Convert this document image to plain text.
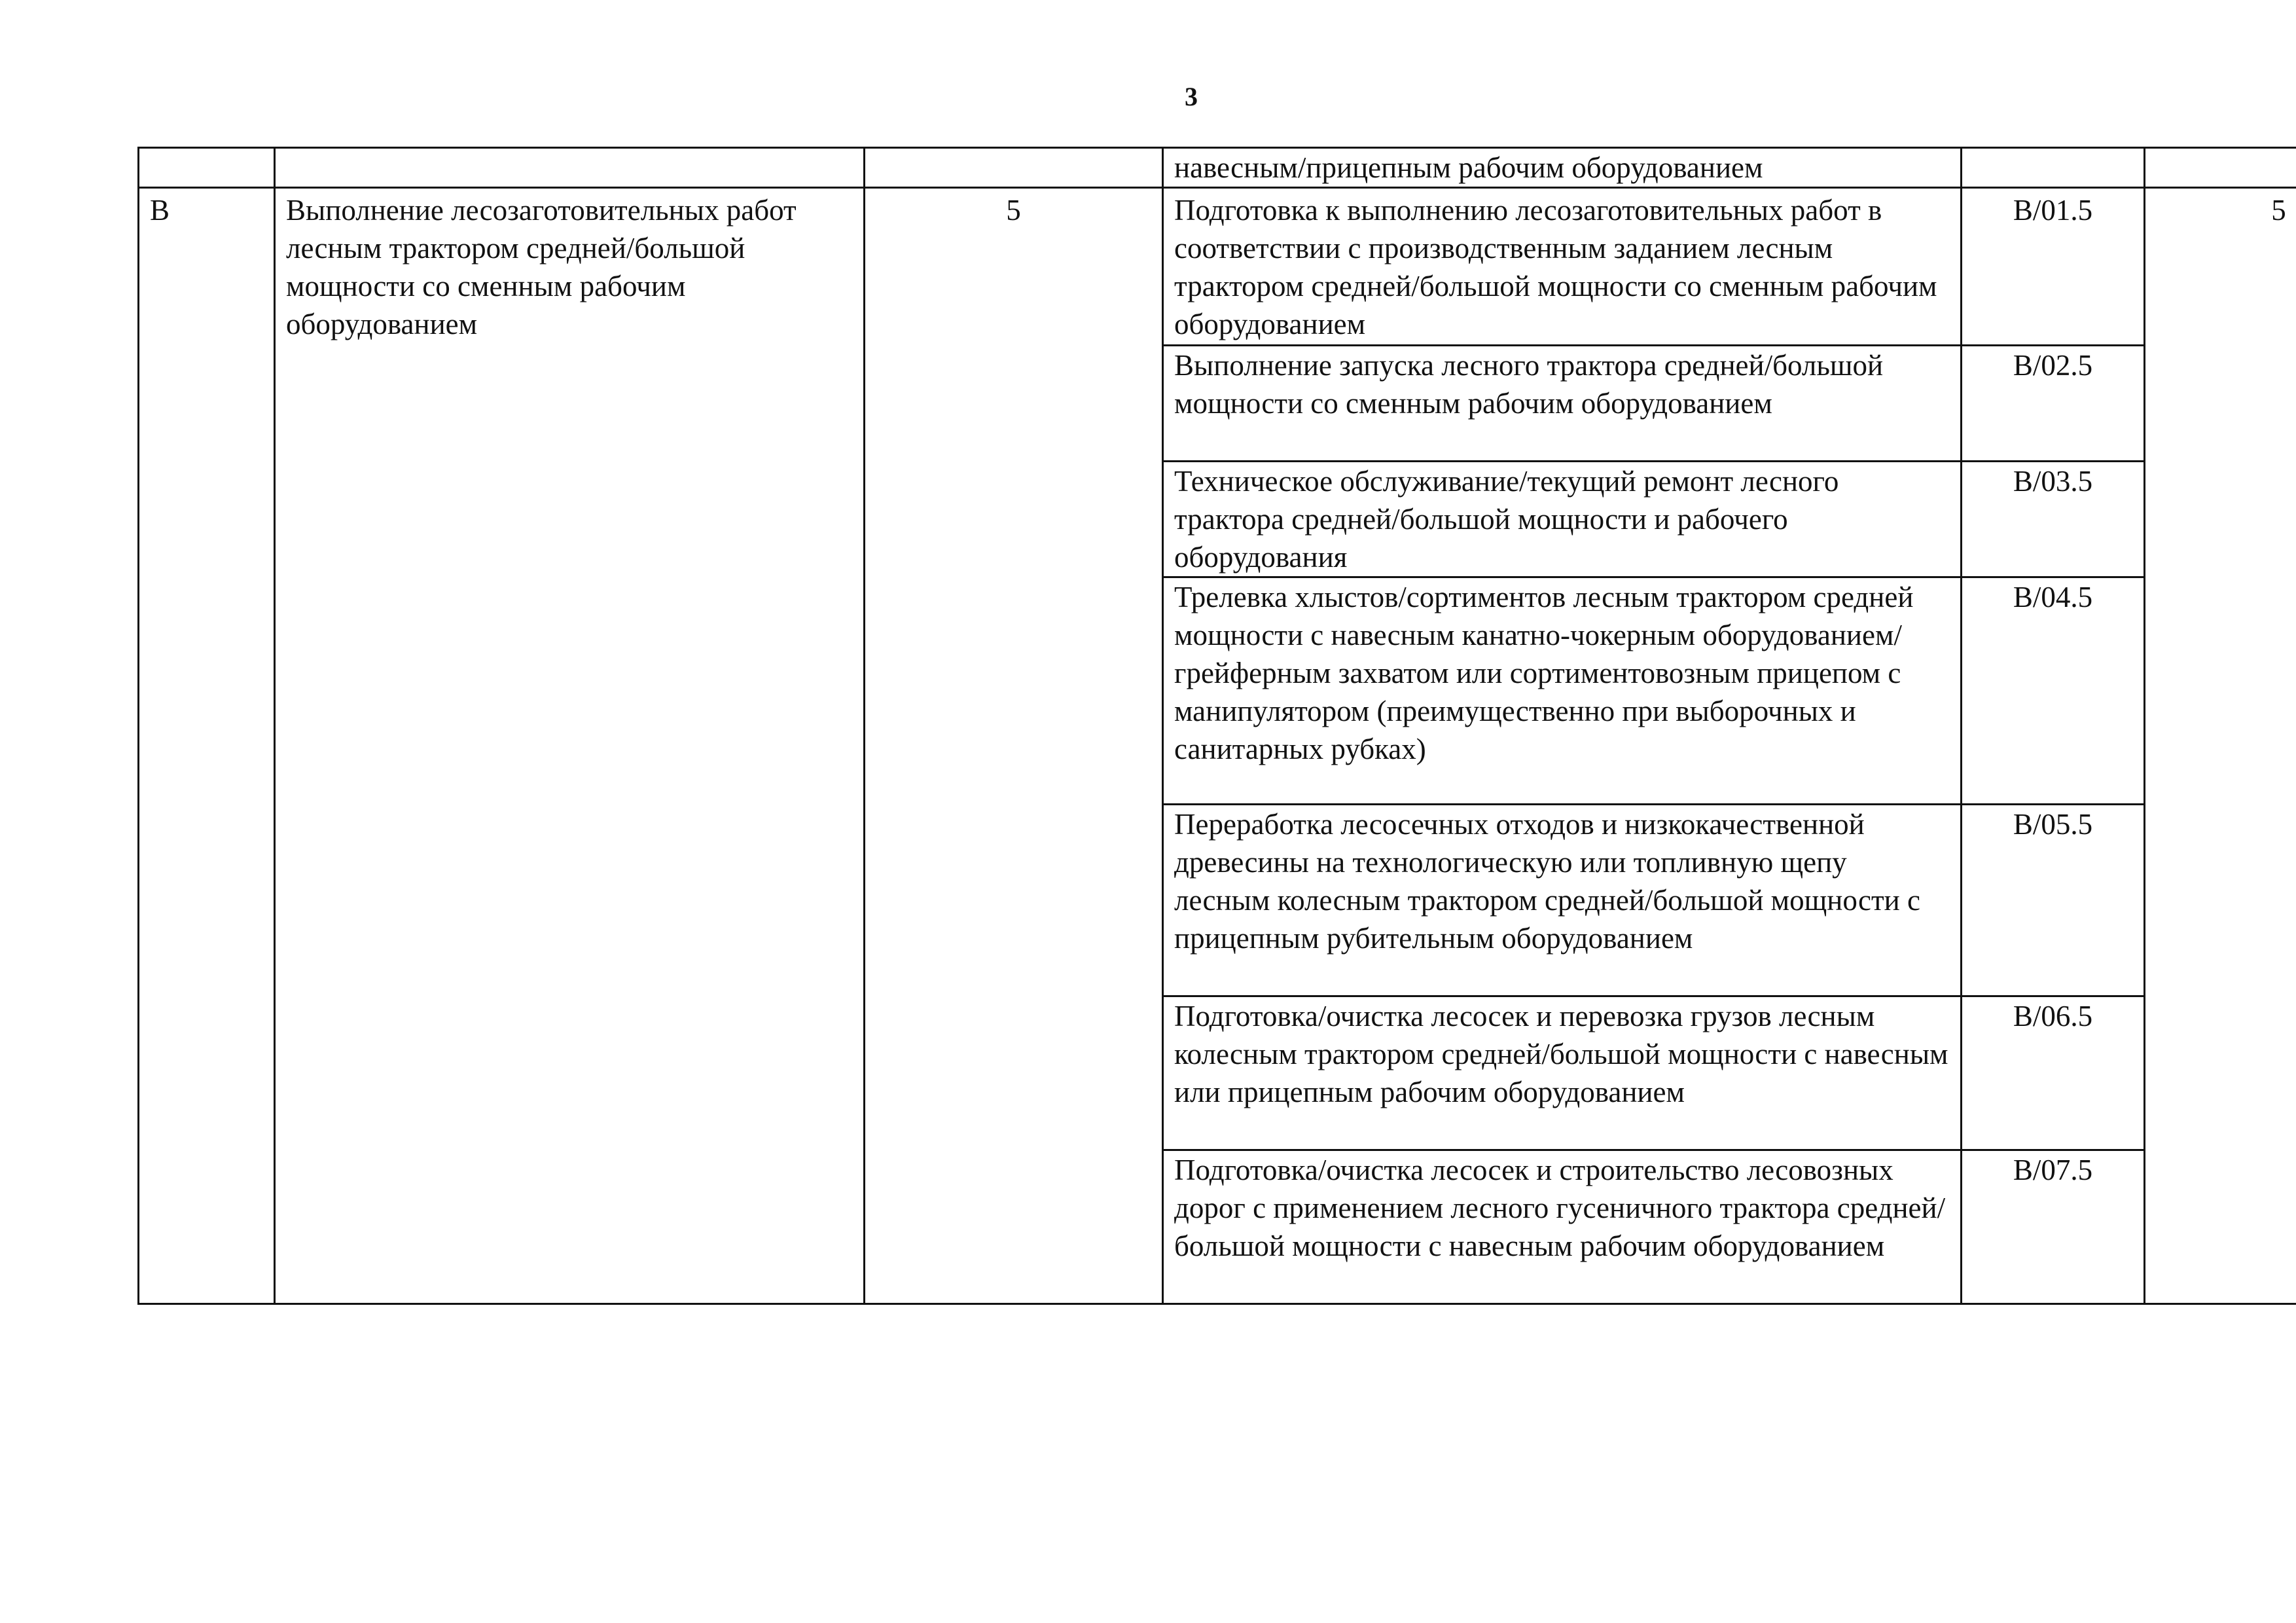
3
			навесным/прицепным рабочим оборудованием		
B	Выполнение лесозаготовительных работ лесным трактором средней/большой мощности со сменным рабочим оборудованием	5	Подготовка к выполнению лесозаготовительных работ в соответствии с производственным заданием лесным трактором средней/большой мощности со сменным рабочим оборудованием	B/01.5	5
			Выполнение запуска лесного трактора средней/большой мощности со сменным рабочим оборудованием	B/02.5	
			Техническое обслуживание/текущий ремонт лесного трактора средней/большой мощности и рабочего оборудования	B/03.5	
			Трелевка хлыстов/сортиментов лесным трактором средней мощности с навесным канатно-чокерным оборудованием/ грейферным захватом или сортиментовозным прицепом с манипулятором (преимущественно при выборочных и санитарных рубках)	B/04.5	
			Переработка лесосечных отходов и низкокачественной древесины на технологическую или топливную щепу лесным колесным трактором средней/большой мощности с прицепным рубительным оборудованием	B/05.5	
			Подготовка/очистка лесосек и перевозка грузов лесным колесным трактором средней/большой мощности с навесным или прицепным рабочим оборудованием	B/06.5	
			Подготовка/очистка лесосек и строительство лесовозных дорог с применением лесного гусеничного трактора средней/большой мощности с навесным рабочим оборудованием	B/07.5	
